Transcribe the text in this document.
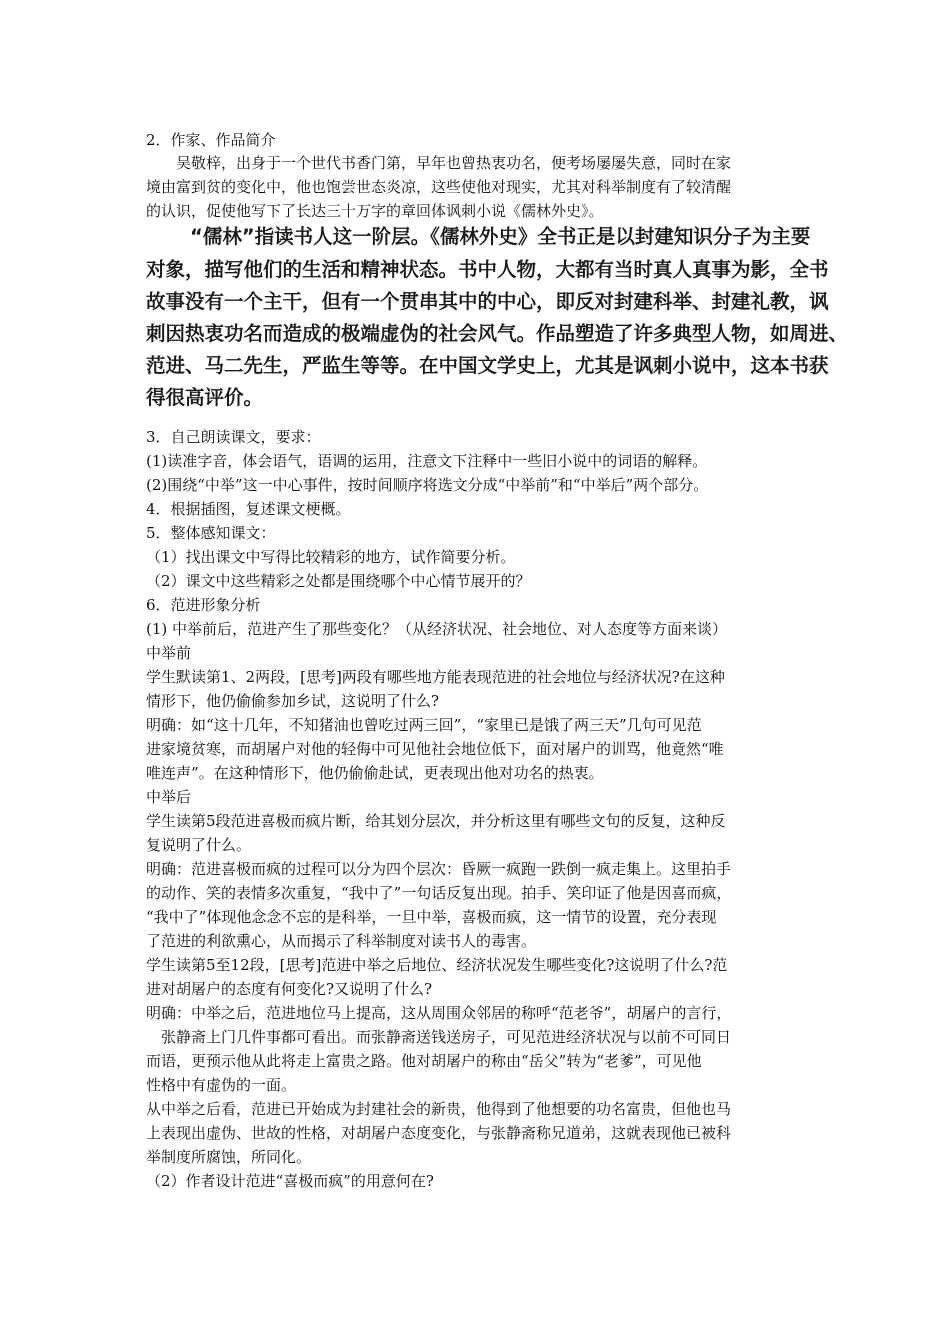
2．作家、作品简介
　　吴敬梓，出身于一个世代书香门第，早年也曾热衷功名，便考场屡屡失意，同时在家
境由富到贫的变化中，他也饱尝世态炎凉，这些使他对现实，尤其对科举制度有了较清醒
的认识，促使他写下了长达三十万字的章回体讽刺小说《儒林外史》。
“儒林”指读书人这一阶层。《儒林外史》全书正是以封建知识分子为主要
对象，描写他们的生活和精神状态。书中人物，大都有当时真人真事为影，全书
故事没有一个主干，但有一个贯串其中的中心，即反对封建科举、封建礼教，讽
刺因热衷功名而造成的极端虚伪的社会风气。作品塑造了许多典型人物，如周进、
范进、马二先生，严监生等等。在中国文学史上，尤其是讽刺小说中，这本书获
得很高评价。
3．自己朗读课文，要求：
(1)读准字音，体会语气，语调的运用，注意文下注释中一些旧小说中的词语的解释。
(2)围绕“中举”这一中心事件，按时间顺序将选文分成“中举前”和“中举后”两个部分。
4．根据插图，复述课文梗概。
5．整体感知课文：
（1）找出课文中写得比较精彩的地方，试作简要分析。
（2）课文中这些精彩之处都是围绕哪个中心情节展开的？
6．范进形象分析
(1) 中举前后，范进产生了那些变化？（从经济状况、社会地位、对人态度等方面来谈）
中举前
学生默读第1、2两段，[思考]两段有哪些地方能表现范进的社会地位与经济状况?在这种
情形下，他仍偷偷参加乡试，这说明了什么?
明确：如“这十几年，不知猪油也曾吃过两三回”，“家里已是饿了两三天”几句可见范
进家境贫寒，而胡屠户对他的轻侮中可见他社会地位低下，面对屠户的训骂，他竟然“唯
唯连声”。在这种情形下，他仍偷偷赴试，更表现出他对功名的热衷。
中举后
学生读第5段范进喜极而疯片断，给其划分层次，并分析这里有哪些文句的反复，这种反
复说明了什么。
明确：范进喜极而疯的过程可以分为四个层次：昏厥一疯跑一跌倒一疯走集上。这里拍手
的动作、笑的表情多次重复，“我中了”一句话反复出现。拍手、笑印证了他是因喜而疯，
“我中了”体现他念念不忘的是科举，一旦中举，喜极而疯，这一情节的设置，充分表现
了范进的利欲熏心，从而揭示了科举制度对读书人的毒害。
学生读第5至12段，[思考]范进中举之后地位、经济状况发生哪些变化?这说明了什么?范
进对胡屠户的态度有何变化?又说明了什么?
明确：中举之后，范进地位马上提高，这从周围众邻居的称呼“范老爷”，胡屠户的言行，
　张静斋上门几件事都可看出。而张静斋送钱送房子，可见范进经济状况与以前不可同日
而语，更预示他从此将走上富贵之路。他对胡屠户的称由“岳父”转为“老爹”，可见他
性格中有虚伪的一面。
从中举之后看，范进已开始成为封建社会的新贵，他得到了他想要的功名富贵，但他也马
上表现出虚伪、世故的性格，对胡屠户态度变化，与张静斋称兄道弟，这就表现他已被科
举制度所腐蚀，所同化。
（2）作者设计范进“喜极而疯”的用意何在?
